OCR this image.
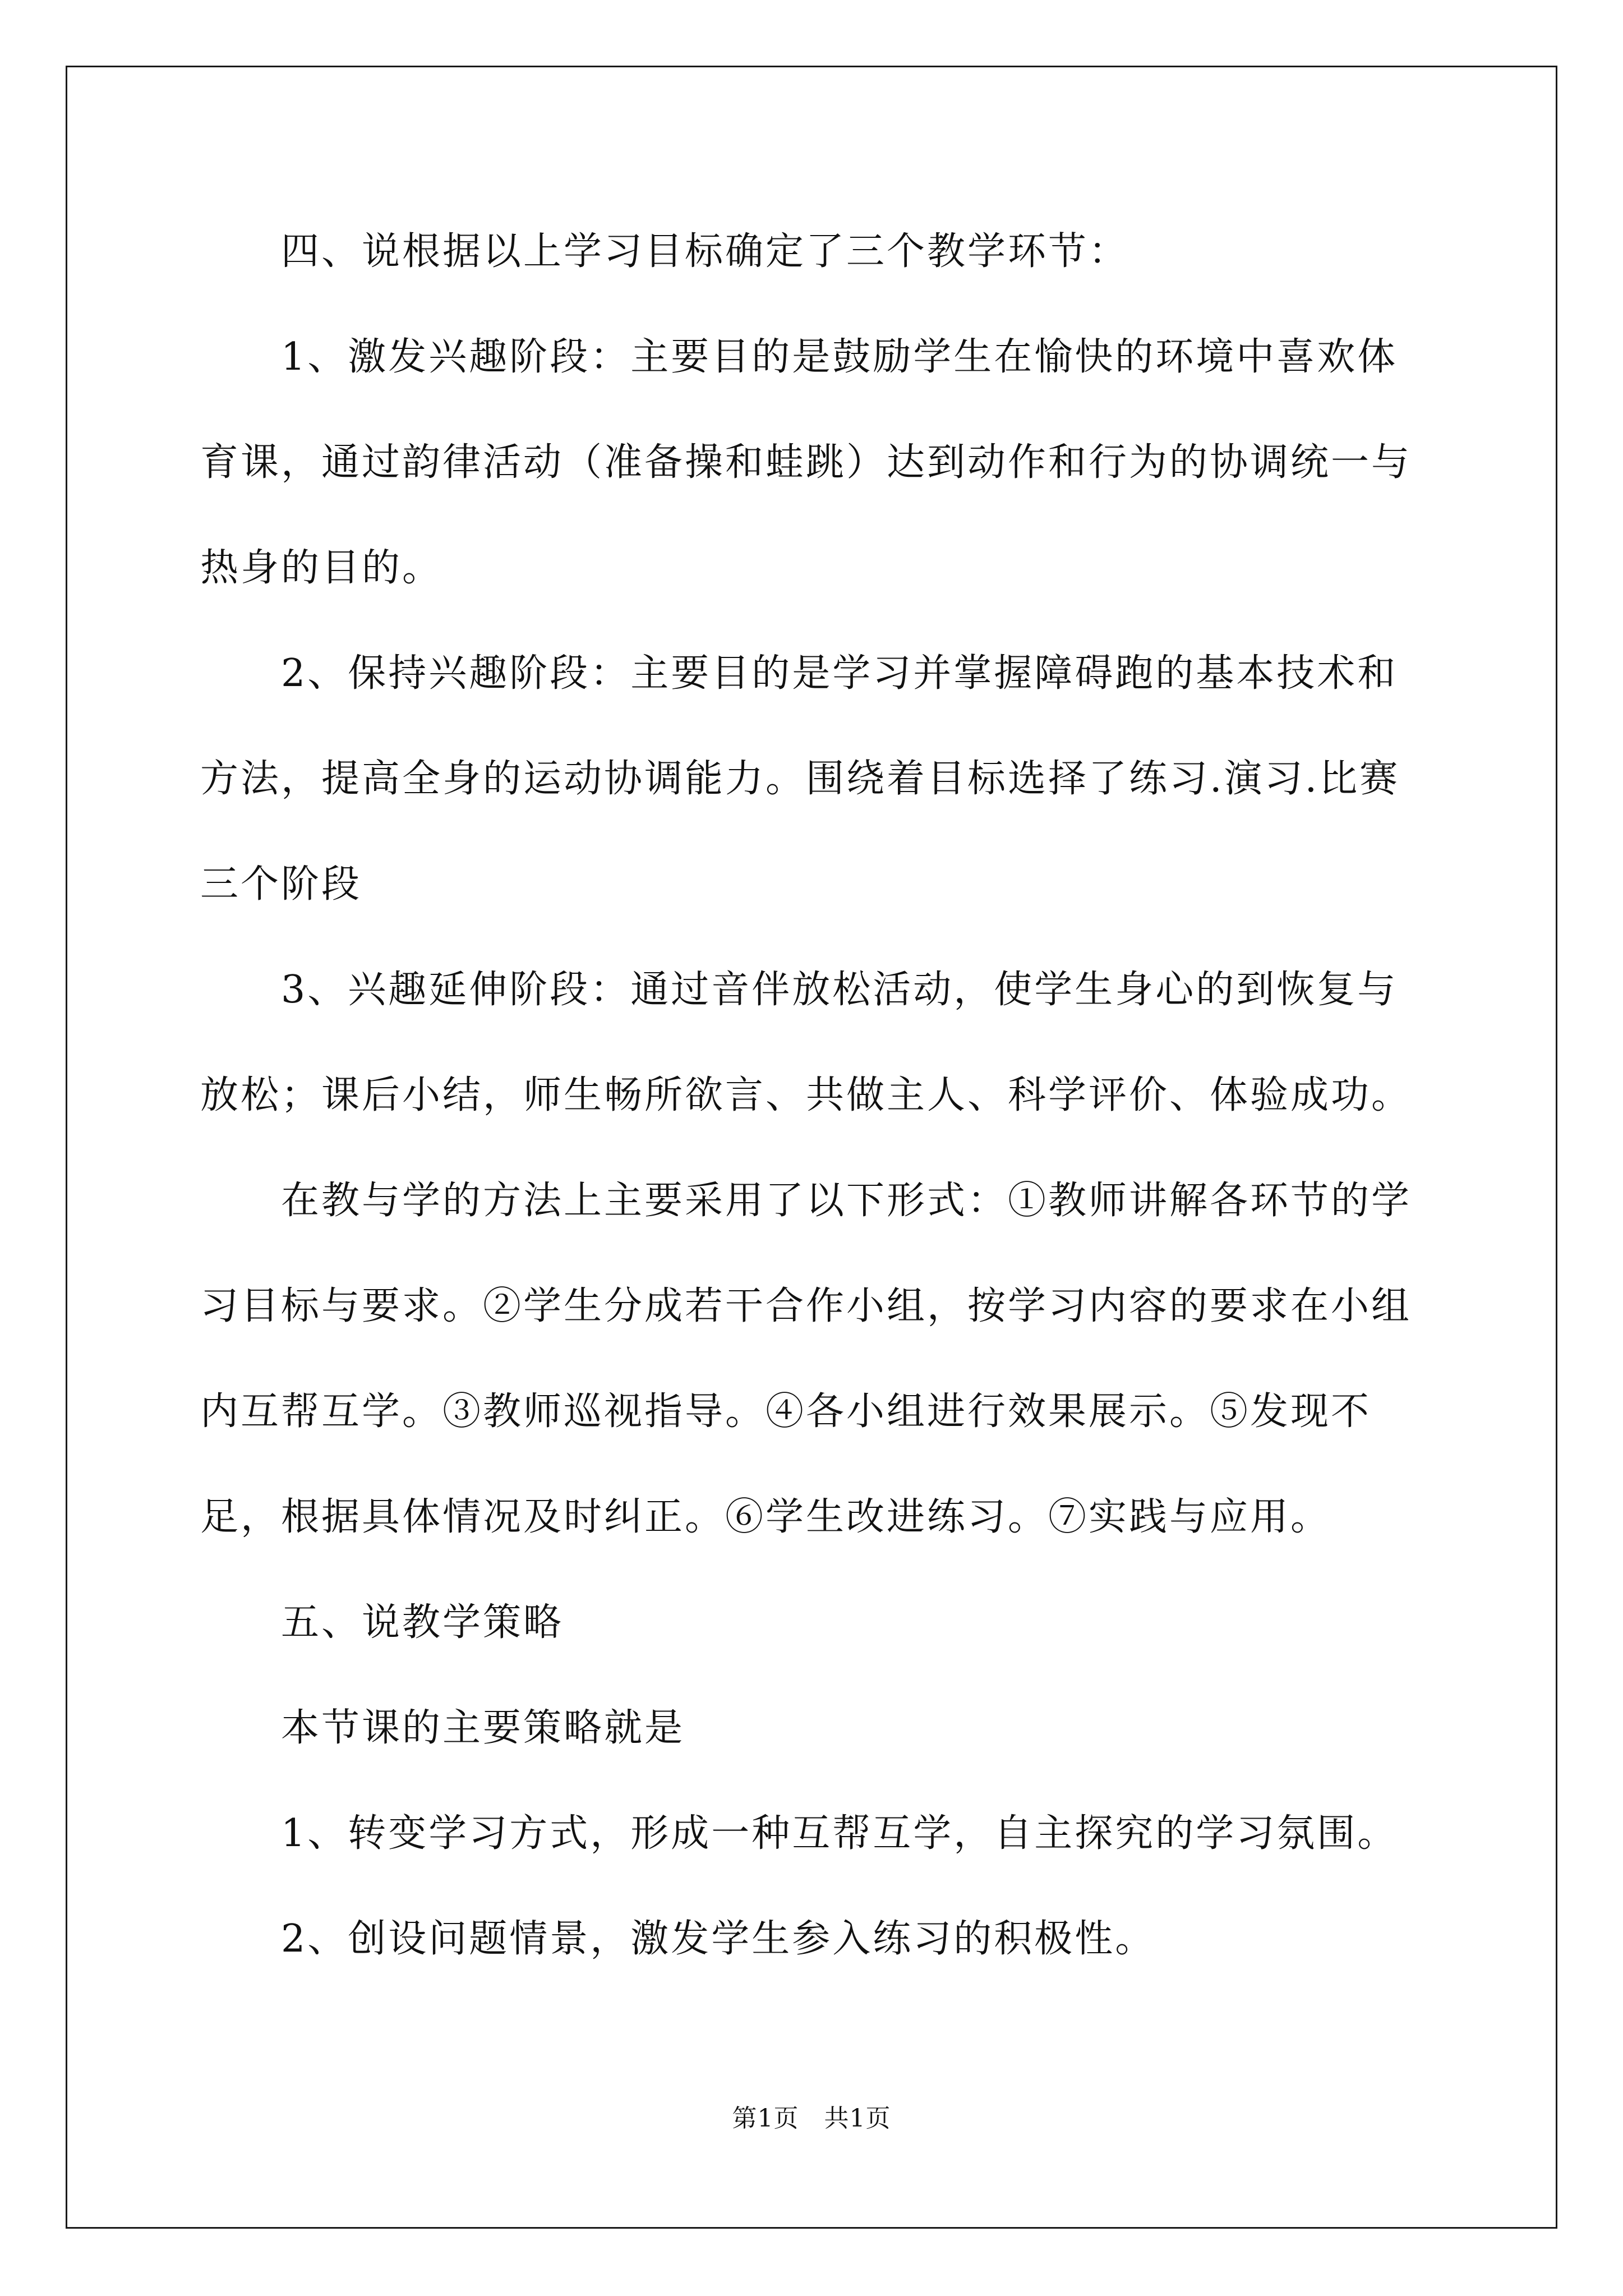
四、说根据以上学习目标确定了三个教学环节：

1、激发兴趣阶段：主要目的是鼓励学生在愉快的环境中喜欢体育课，通过韵律活动（准备操和蛙跳）达到动作和行为的协调统一与热身的目的。

2、保持兴趣阶段：主要目的是学习并掌握障碍跑的基本技术和方法，提高全身的运动协调能力。围绕着目标选择了练习.演习.比赛三个阶段

3、兴趣延伸阶段：通过音伴放松活动，使学生身心的到恢复与放松；课后小结，师生畅所欲言、共做主人、科学评价、体验成功。

在教与学的方法上主要采用了以下形式：①教师讲解各环节的学习目标与要求。②学生分成若干合作小组，按学习内容的要求在小组内互帮互学。③教师巡视指导。④各小组进行效果展示。⑤发现不足，根据具体情况及时纠正。⑥学生改进练习。⑦实践与应用。

五、说教学策略

本节课的主要策略就是

1、转变学习方式，形成一种互帮互学，自主探究的学习氛围。

2、创设问题情景，激发学生参入练习的积极性。

第1页 共1页
